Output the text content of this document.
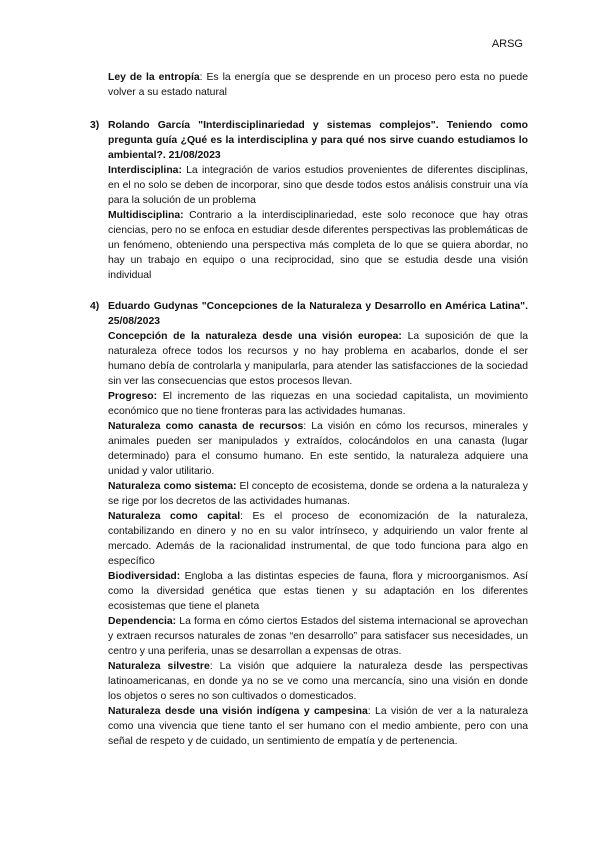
ARSG

Ley de la entropía: Es la energía que se desprende en un proceso pero esta no puede volver a su estado natural

3) Rolando García "Interdisciplinariedad y sistemas complejos". Teniendo como pregunta guía ¿Qué es la interdisciplina y para qué nos sirve cuando estudiamos lo ambiental?. 21/08/2023

Interdisciplina: La integración de varios estudios provenientes de diferentes disciplinas, en el no solo se deben de incorporar, sino que desde todos estos análisis construir una vía para la solución de un problema

Multidisciplina: Contrario a la interdisciplinariedad, este solo reconoce que hay otras ciencias, pero no se enfoca en estudiar desde diferentes perspectivas las problemáticas de un fenómeno, obteniendo una perspectiva más completa de lo que se quiera abordar, no hay un trabajo en equipo o una reciprocidad, sino que se estudia desde una visión individual

4) Eduardo Gudynas "Concepciones de la Naturaleza y Desarrollo en América Latina". 25/08/2023

Concepción de la naturaleza desde una visión europea: La suposición de que la naturaleza ofrece todos los recursos y no hay problema en acabarlos, donde el ser humano debía de controlarla y manipularla, para atender las satisfacciones de la sociedad sin ver las consecuencias que estos procesos llevan.

Progreso: El incremento de las riquezas en una sociedad capitalista, un movimiento económico que no tiene fronteras para las actividades humanas.

Naturaleza como canasta de recursos: La visión en cómo los recursos, minerales y animales pueden ser manipulados y extraídos, colocándolos en una canasta (lugar determinado) para el consumo humano. En este sentido, la naturaleza adquiere una unidad y valor utilitario.

Naturaleza como sistema: El concepto de ecosistema, donde se ordena a la naturaleza y se rige por los decretos de las actividades humanas.

Naturaleza como capital: Es el proceso de economización de la naturaleza, contabilizando en dinero y no en su valor intrínseco, y adquiriendo un valor frente al mercado. Además de la racionalidad instrumental, de que todo funciona para algo en específico

Biodiversidad: Engloba a las distintas especies de fauna, flora y microorganismos. Así como la diversidad genética que estas tienen y su adaptación en los diferentes ecosistemas que tiene el planeta

Dependencia: La forma en cómo ciertos Estados del sistema internacional se aprovechan y extraen recursos naturales de zonas “en desarrollo” para satisfacer sus necesidades, un centro y una periferia, unas se desarrollan a expensas de otras.

Naturaleza silvestre: La visión que adquiere la naturaleza desde las perspectivas latinoamericanas, en donde ya no se ve como una mercancía, sino una visión en donde los objetos o seres no son cultivados o domesticados.

Naturaleza desde una visión indígena y campesina: La visión de ver a la naturaleza como una vivencia que tiene tanto el ser humano con el medio ambiente, pero con una señal de respeto y de cuidado, un sentimiento de empatía y de pertenencia.
